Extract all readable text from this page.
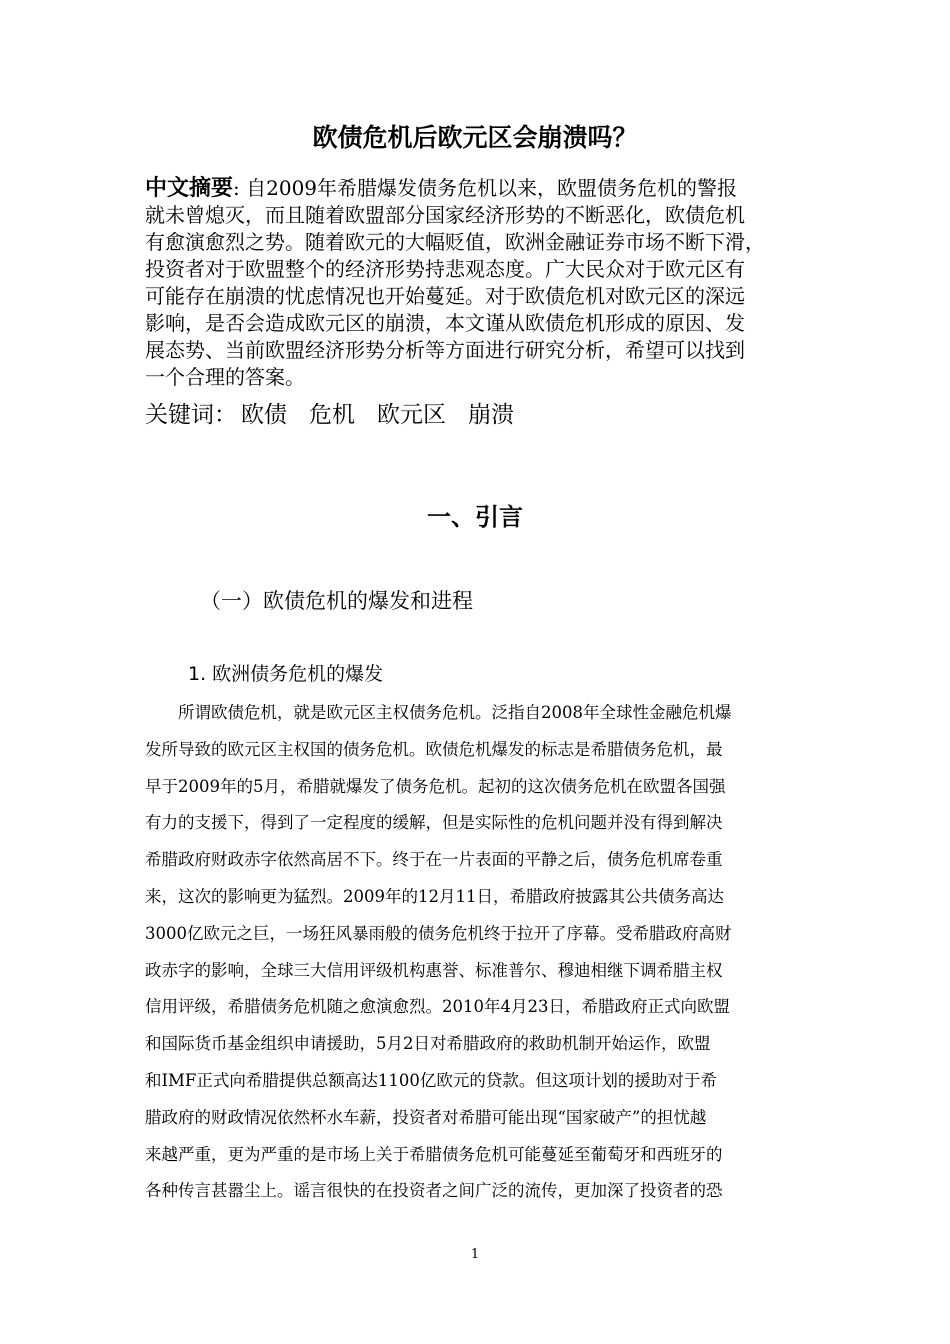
欧债危机后欧元区会崩溃吗？
中文摘要: 自2009年希腊爆发债务危机以来，欧盟债务危机的警报
就未曾熄灭，而且随着欧盟部分国家经济形势的不断恶化，欧债危机
有愈演愈烈之势。随着欧元的大幅贬值，欧洲金融证券市场不断下滑，
投资者对于欧盟整个的经济形势持悲观态度。广大民众对于欧元区有
可能存在崩溃的忧虑情况也开始蔓延。对于欧债危机对欧元区的深远
影响，是否会造成欧元区的崩溃，本文谨从欧债危机形成的原因、发
展态势、当前欧盟经济形势分析等方面进行研究分析，希望可以找到
一个合理的答案。
关键词： 欧债 危机 欧元区 崩溃
一、引言
（一）欧债危机的爆发和进程
1. 欧洲债务危机的爆发
　　所谓欧债危机，就是欧元区主权债务危机。泛指自2008年全球性金融危机爆
发所导致的欧元区主权国的债务危机。欧债危机爆发的标志是希腊债务危机，最
早于2009年的5月，希腊就爆发了债务危机。起初的这次债务危机在欧盟各国强
有力的支援下，得到了一定程度的缓解，但是实际性的危机问题并没有得到解决
希腊政府财政赤字依然高居不下。终于在一片表面的平静之后，债务危机席卷重
来，这次的影响更为猛烈。2009年的12月11日，希腊政府披露其公共债务高达
3000亿欧元之巨，一场狂风暴雨般的债务危机终于拉开了序幕。受希腊政府高财
政赤字的影响，全球三大信用评级机构惠誉、标准普尔、穆迪相继下调希腊主权
信用评级，希腊债务危机随之愈演愈烈。2010年4月23日，希腊政府正式向欧盟
和国际货币基金组织申请援助，5月2日对希腊政府的救助机制开始运作，欧盟
和IMF正式向希腊提供总额高达1100亿欧元的贷款。但这项计划的援助对于希
腊政府的财政情况依然杯水车薪，投资者对希腊可能出现“国家破产”的担忧越
来越严重，更为严重的是市场上关于希腊债务危机可能蔓延至葡萄牙和西班牙的
各种传言甚嚣尘上。谣言很快的在投资者之间广泛的流传，更加深了投资者的恐
1
